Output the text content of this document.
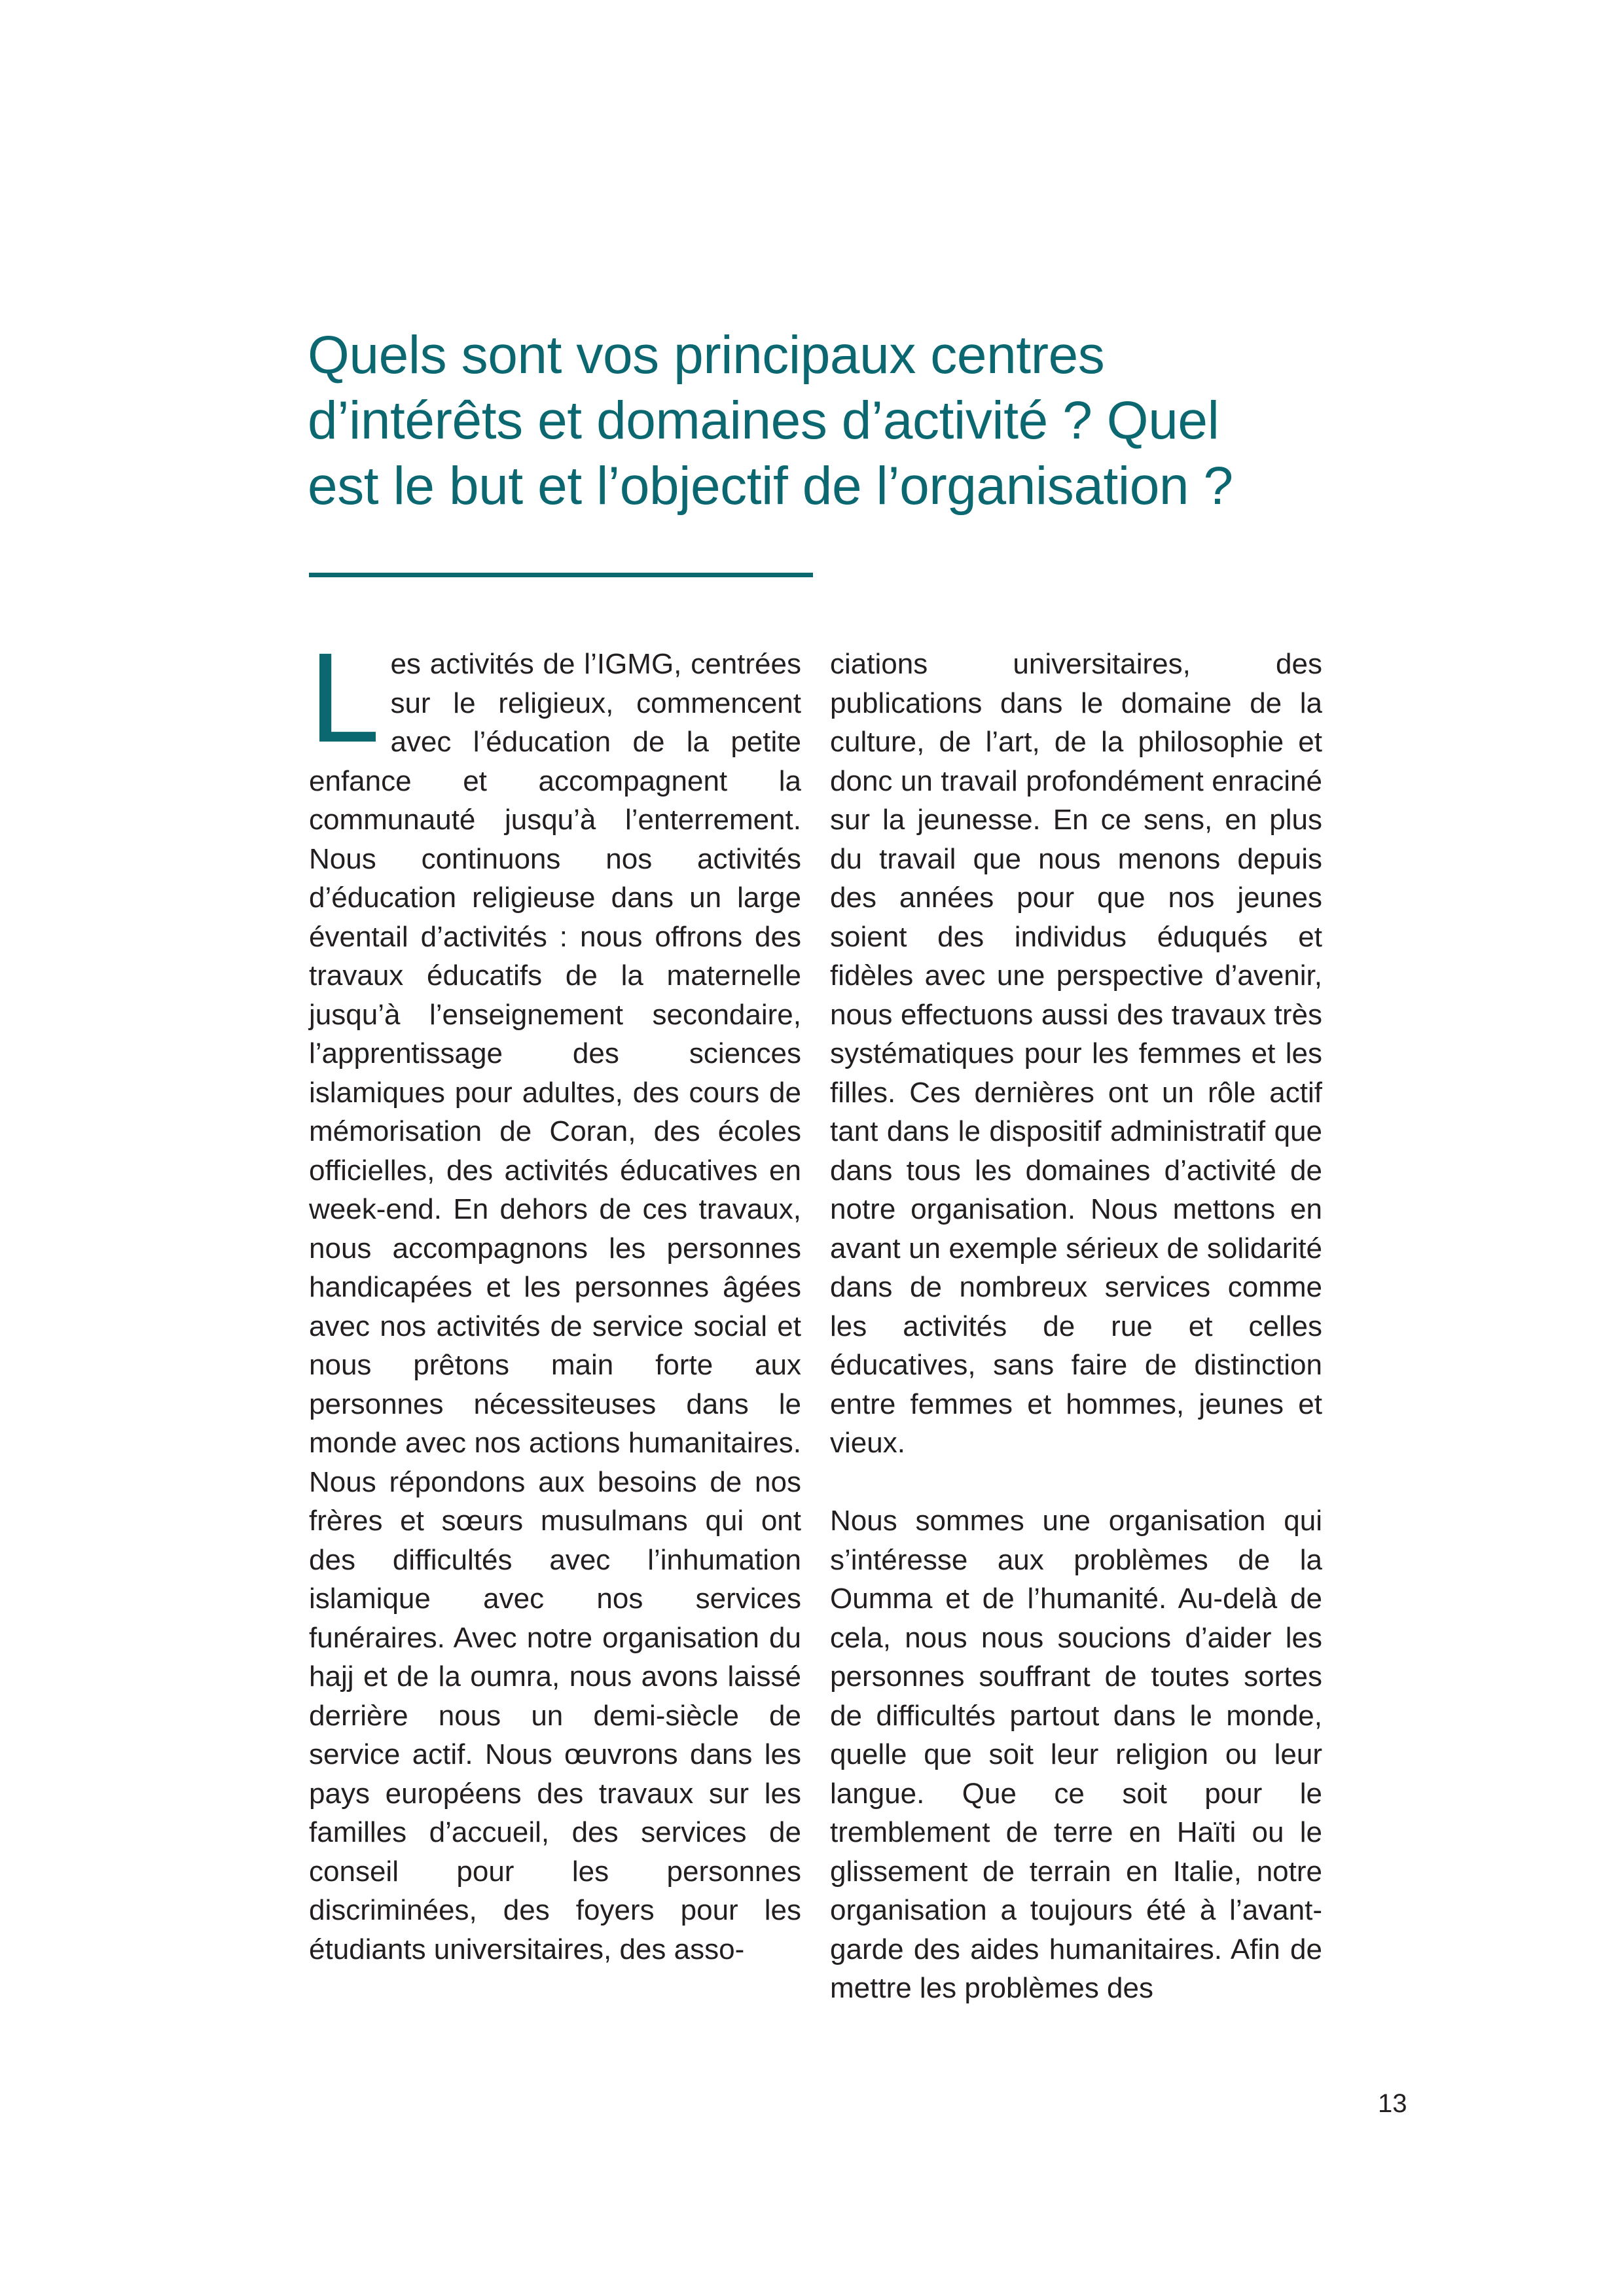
Quels sont vos principaux centres
d’intérêts et domaines d’activité ? Quel
est le but et l’objectif de l’organisation ?

Les activités de l’IGMG, centrées sur le religieux, commencent avec l’éducation de la petite enfance et accompagnent la communauté jusqu’à l’enterrement. Nous continuons nos activités d’éducation religieuse dans un large éventail d’activités : nous offrons des travaux éducatifs de la maternelle jusqu’à l’enseignement secondaire, l’apprentissage des sciences islamiques pour adultes, des cours de mémorisation de Coran, des écoles officielles, des activités éducatives en week-end. En dehors de ces travaux, nous accompagnons les personnes handicapées et les personnes âgées avec nos activités de service social et nous prêtons main forte aux personnes nécessiteuses dans le monde avec nos actions humanitaires. Nous répondons aux besoins de nos frères et sœurs musulmans qui ont des difficultés avec l’inhumation islamique avec nos services funéraires. Avec notre organisation du hajj et de la oumra, nous avons laissé derrière nous un demi-siècle de service actif. Nous œuvrons dans les pays européens des travaux sur les familles d’accueil, des services de conseil pour les personnes discriminées, des foyers pour les étudiants universitaires, des asso-

ciations universitaires, des publications dans le domaine de la culture, de l’art, de la philosophie et donc un travail profondément enraciné sur la jeunesse. En ce sens, en plus du travail que nous menons depuis des années pour que nos jeunes soient des individus éduqués et fidèles avec une perspective d’avenir, nous effectuons aussi des travaux très systématiques pour les femmes et les filles. Ces dernières ont un rôle actif tant dans le dispositif administratif que dans tous les domaines d’activité de notre organisation. Nous mettons en avant un exemple sérieux de solidarité dans de nombreux services comme les activités de rue et celles éducatives, sans faire de distinction entre femmes et hommes, jeunes et vieux.

Nous sommes une organisation qui s’intéresse aux problèmes de la Oumma et de l’humanité. Au-delà de cela, nous nous soucions d’aider les personnes souffrant de toutes sortes de difficultés partout dans le monde, quelle que soit leur religion ou leur langue. Que ce soit pour le tremblement de terre en Haïti ou le glissement de terrain en Italie, notre organisation a toujours été à l’avant-garde des aides humanitaires. Afin de mettre les problèmes des

13
